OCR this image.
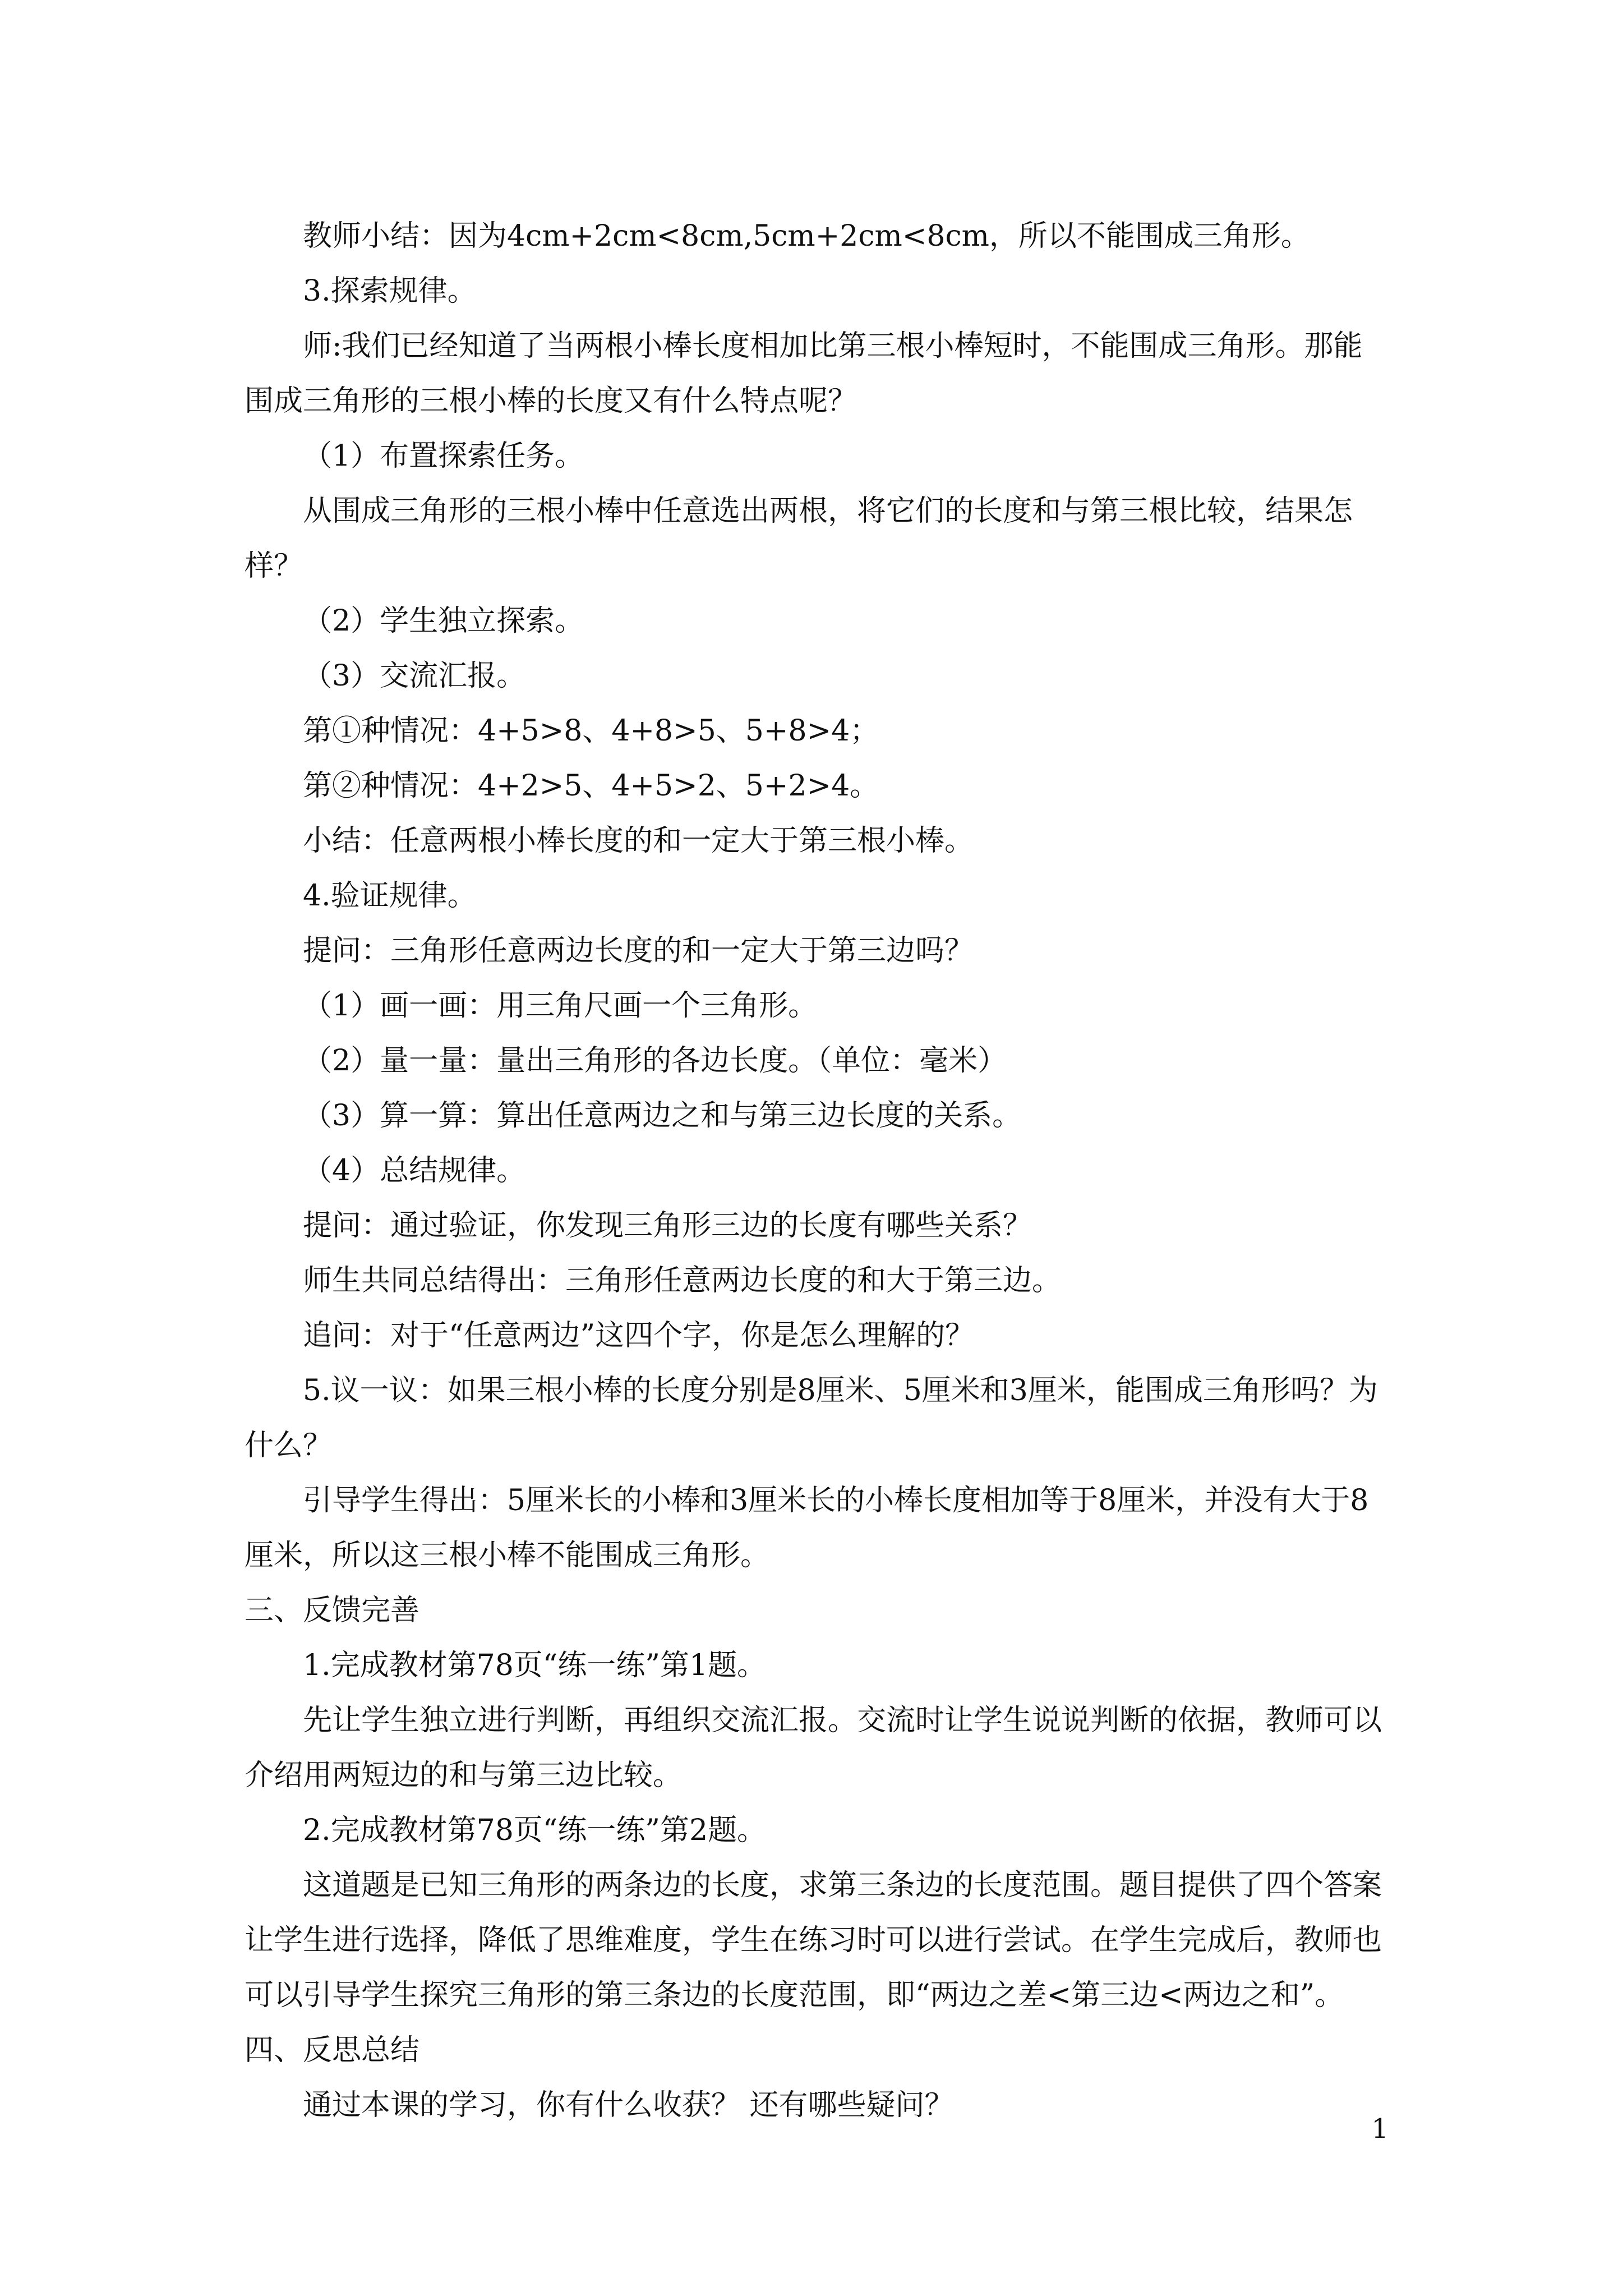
教师小结：因为4cm+2cm<8cm,5cm+2cm<8cm，所以不能围成三角形。

3.探索规律。

师:我们已经知道了当两根小棒长度相加比第三根小棒短时，不能围成三角形。那能围成三角形的三根小棒的长度又有什么特点呢？

（1）布置探索任务。

从围成三角形的三根小棒中任意选出两根，将它们的长度和与第三根比较，结果怎样？

（2）学生独立探索。

（3）交流汇报。

第①种情况：4+5>8、4+8>5、5+8>4；

第②种情况：4+2>5、4+5>2、5+2>4。

小结：任意两根小棒长度的和一定大于第三根小棒。

4.验证规律。

提问：三角形任意两边长度的和一定大于第三边吗？

（1）画一画：用三角尺画一个三角形。

（2）量一量：量出三角形的各边长度。（单位：毫米）

（3）算一算：算出任意两边之和与第三边长度的关系。

（4）总结规律。

提问：通过验证，你发现三角形三边的长度有哪些关系？

师生共同总结得出：三角形任意两边长度的和大于第三边。

追问：对于“任意两边”这四个字，你是怎么理解的？

5.议一议：如果三根小棒的长度分别是8厘米、5厘米和3厘米，能围成三角形吗？为什么？

引导学生得出：5厘米长的小棒和3厘米长的小棒长度相加等于8厘米，并没有大于8厘米，所以这三根小棒不能围成三角形。

三、反馈完善

1.完成教材第78页“练一练”第1题。

先让学生独立进行判断，再组织交流汇报。交流时让学生说说判断的依据，教师可以介绍用两短边的和与第三边比较。

2.完成教材第78页“练一练”第2题。

这道题是已知三角形的两条边的长度，求第三条边的长度范围。题目提供了四个答案让学生进行选择，降低了思维难度，学生在练习时可以进行尝试。在学生完成后，教师也可以引导学生探究三角形的第三条边的长度范围，即“两边之差<第三边<两边之和”。

四、反思总结

通过本课的学习，你有什么收获？ 还有哪些疑问？

1
